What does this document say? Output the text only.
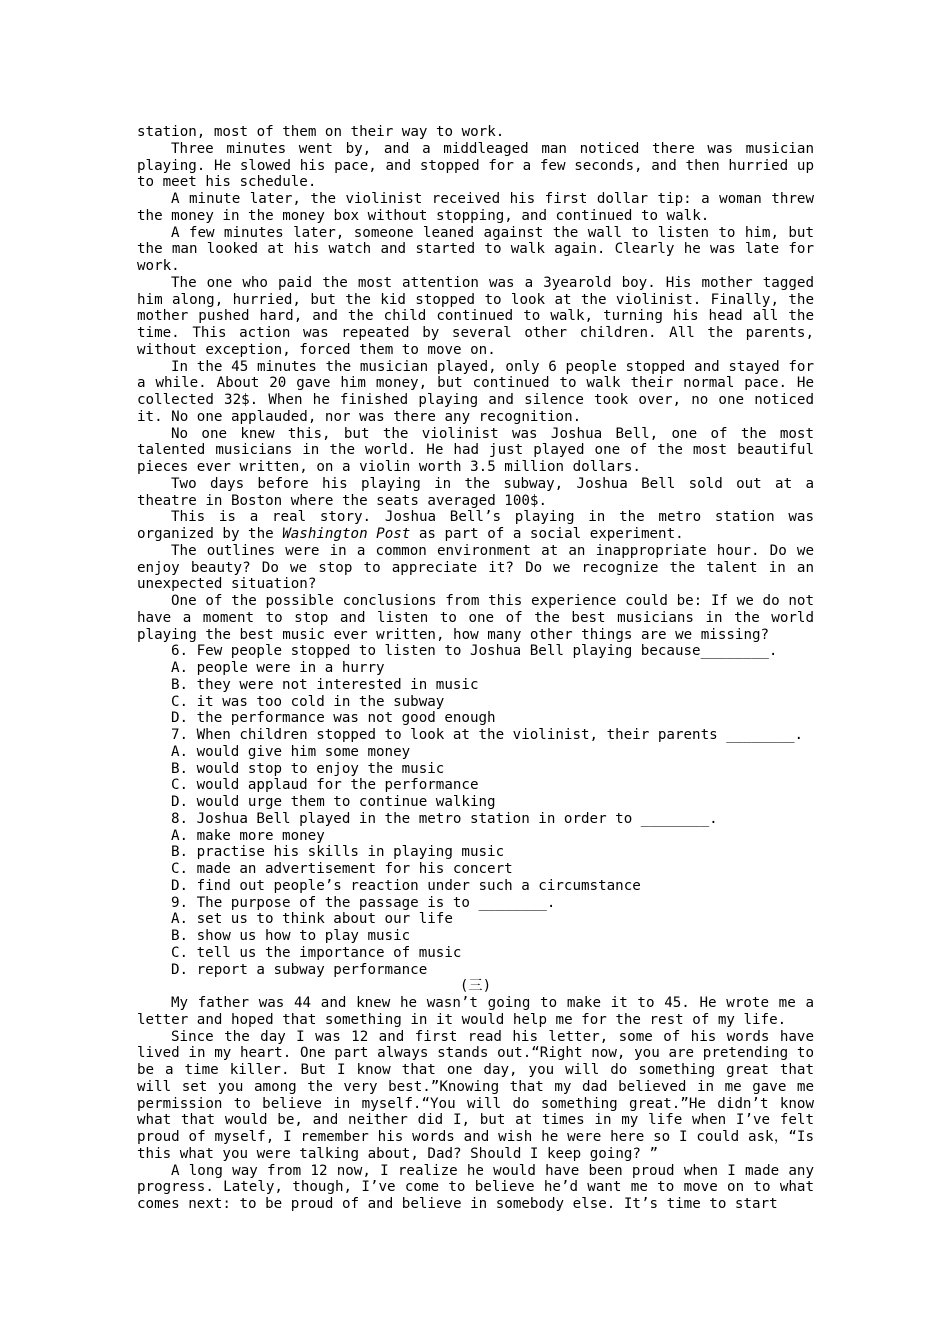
station, most of them on their way to work.

Three minutes went by, and a middleaged man noticed there was musician playing. He slowed his pace, and stopped for a few seconds, and then hurried up to meet his schedule.

A minute later, the violinist received his first dollar tip: a woman threw the money in the money box without stopping, and continued to walk.

A few minutes later, someone leaned against the wall to listen to him, but the man looked at his watch and started to walk again. Clearly he was late for work.

The one who paid the most attention was a 3yearold boy. His mother tagged him along, hurried, but the kid stopped to look at the violinist. Finally, the mother pushed hard, and the child continued to walk, turning his head all the time. This action was repeated by several other children. All the parents, without exception, forced them to move on.

In the 45 minutes the musician played, only 6 people stopped and stayed for a while. About 20 gave him money, but continued to walk their normal pace. He collected 32$. When he finished playing and silence took over, no one noticed it. No one applauded, nor was there any recognition.

No one knew this, but the violinist was Joshua Bell, one of the most talented musicians in the world. He had just played one of the most beautiful pieces ever written, on a violin worth 3.5 million dollars.

Two days before his playing in the subway, Joshua Bell sold out at a theatre in Boston where the seats averaged 100$.

This is a real story. Joshua Bell’s playing in the metro station was organized by the Washington Post as part of a social experiment.

The outlines were in a common environment at an inappropriate hour. Do we enjoy beauty? Do we stop to appreciate it? Do we recognize the talent in an unexpected situation?

One of the possible conclusions from this experience could be: If we do not have a moment to stop and listen to one of the best musicians in the world playing the best music ever written, how many other things are we missing?

6. Few people stopped to listen to Joshua Bell playing because________.

A. people were in a hurry

B. they were not interested in music

C. it was too cold in the subway

D. the performance was not good enough

7. When children stopped to look at the violinist, their parents ________.

A. would give him some money

B. would stop to enjoy the music

C. would applaud for the performance

D. would urge them to continue walking

8. Joshua Bell played in the metro station in order to ________.

A. make more money

B. practise his skills in playing music

C. made an advertisement for his concert

D. find out people’s reaction under such a circumstance

9. The purpose of the passage is to ________.

A. set us to think about our life

B. show us how to play music

C. tell us the importance of music

D. report a subway performance

(三)

My father was 44 and knew he wasn’t going to make it to 45. He wrote me a letter and hoped that something in it would help me for the rest of my life.

Since the day I was 12 and first read his letter, some of his words have lived in my heart. One part always stands out.“Right now, you are pretending to be a time killer. But I know that one day, you will do something great that will set you among the very best.”Knowing that my dad believed in me gave me permission to believe in myself.“You will do something great.”He didn’t know what that would be, and neither did I, but at times in my life when I’ve felt proud of myself, I remember his words and wish he were here so I could ask，“Is this what you were talking about, Dad? Should I keep going? ”

A long way from 12 now, I realize he would have been proud when I made any progress. Lately, though, I’ve come to believe he’d want me to move on to what comes next: to be proud of and believe in somebody else. It’s time to start
